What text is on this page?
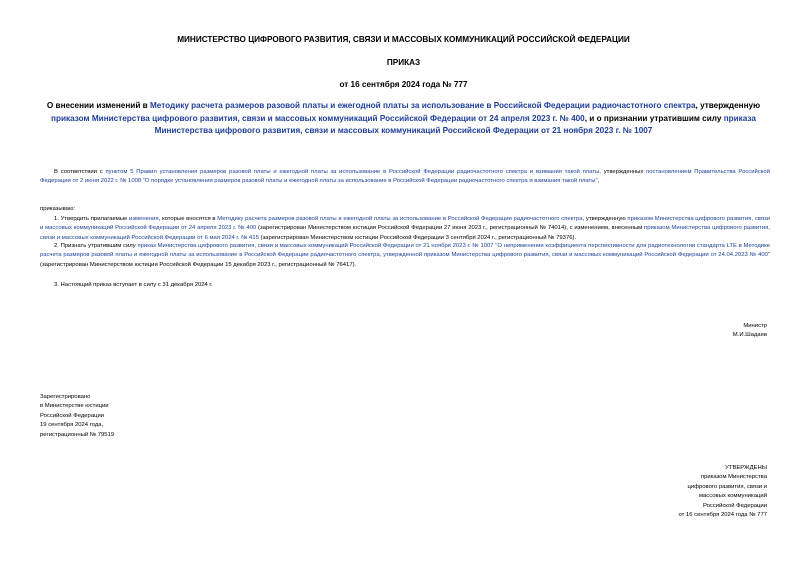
МИНИСТЕРСТВО ЦИФРОВОГО РАЗВИТИЯ, СВЯЗИ И МАССОВЫХ КОММУНИКАЦИЙ РОССИЙСКОЙ ФЕДЕРАЦИИ
ПРИКАЗ
от 16 сентября 2024 года № 777
О внесении изменений в Методику расчета размеров разовой платы и ежегодной платы за использование в Российской Федерации радиочастотного спектра, утвержденную приказом Министерства цифрового развития, связи и массовых коммуникаций Российской Федерации от 24 апреля 2023 г. № 400, и о признании утратившим силу приказа Министерства цифрового развития, связи и массовых коммуникаций Российской Федерации от 21 ноября 2023 г. № 1007
В соответствии с пунктом 5 Правил установления размеров разовой платы и ежегодной платы за использование в Российской Федерации радиочастотного спектра и взимания такой платы, утвержденных постановлением Правительства Российской Федерации от 2 июня 2022 г. № 1008 "О порядке установления размеров разовой платы и ежегодной платы за использование в Российской Федерации радиочастотного спектра и взимания такой платы",
приказываю:
1. Утвердить прилагаемые изменения, которые вносятся в Методику расчета размеров разовой платы и ежегодной платы за использование в Российской Федерации радиочастотного спектра, утвержденную приказом Министерства цифрового развития, связи и массовых коммуникаций Российской Федерации от 24 апреля 2023 г. № 400 (зарегистрирован Министерством юстиции Российской Федерации 27 июня 2023 г., регистрационный № 74014), с изменением, внесенным приказом Министерства цифрового развития, связи и массовых коммуникаций Российской Федерации от 6 мая 2024 г. № 415 (зарегистрирован Министерством юстиции Российской Федерации 3 сентября 2024 г., регистрационный № 79376).
2. Признать утратившим силу приказ Министерства цифрового развития, связи и массовых коммуникаций Российской Федерации от 21 ноября 2023 г. № 1007 "О неприменении коэффициента перспективности для радиотехнологии стандарта LTE в Методике расчета размеров разовой платы и ежегодной платы за использование в Российской Федерации радиочастотного спектра, утвержденной приказом Министерства цифрового развития, связи и массовых коммуникаций Российской Федерации от 24.04.2023 № 400" (зарегистрирован Министерством юстиции Российской Федерации 15 декабря 2023 г., регистрационный № 76417).
3. Настоящий приказ вступает в силу с 31 декабря 2024 г.
Министр
М.И.Шадаев
Зарегистрировано
в Министерстве юстиции
Российской Федерации
19 сентября 2024 года,
регистрационный № 79519
УТВЕРЖДЕНЫ
приказом Министерства
цифрового развития, связи и
массовых коммуникаций
Российской Федерации
от 16 сентября 2024 года № 777
